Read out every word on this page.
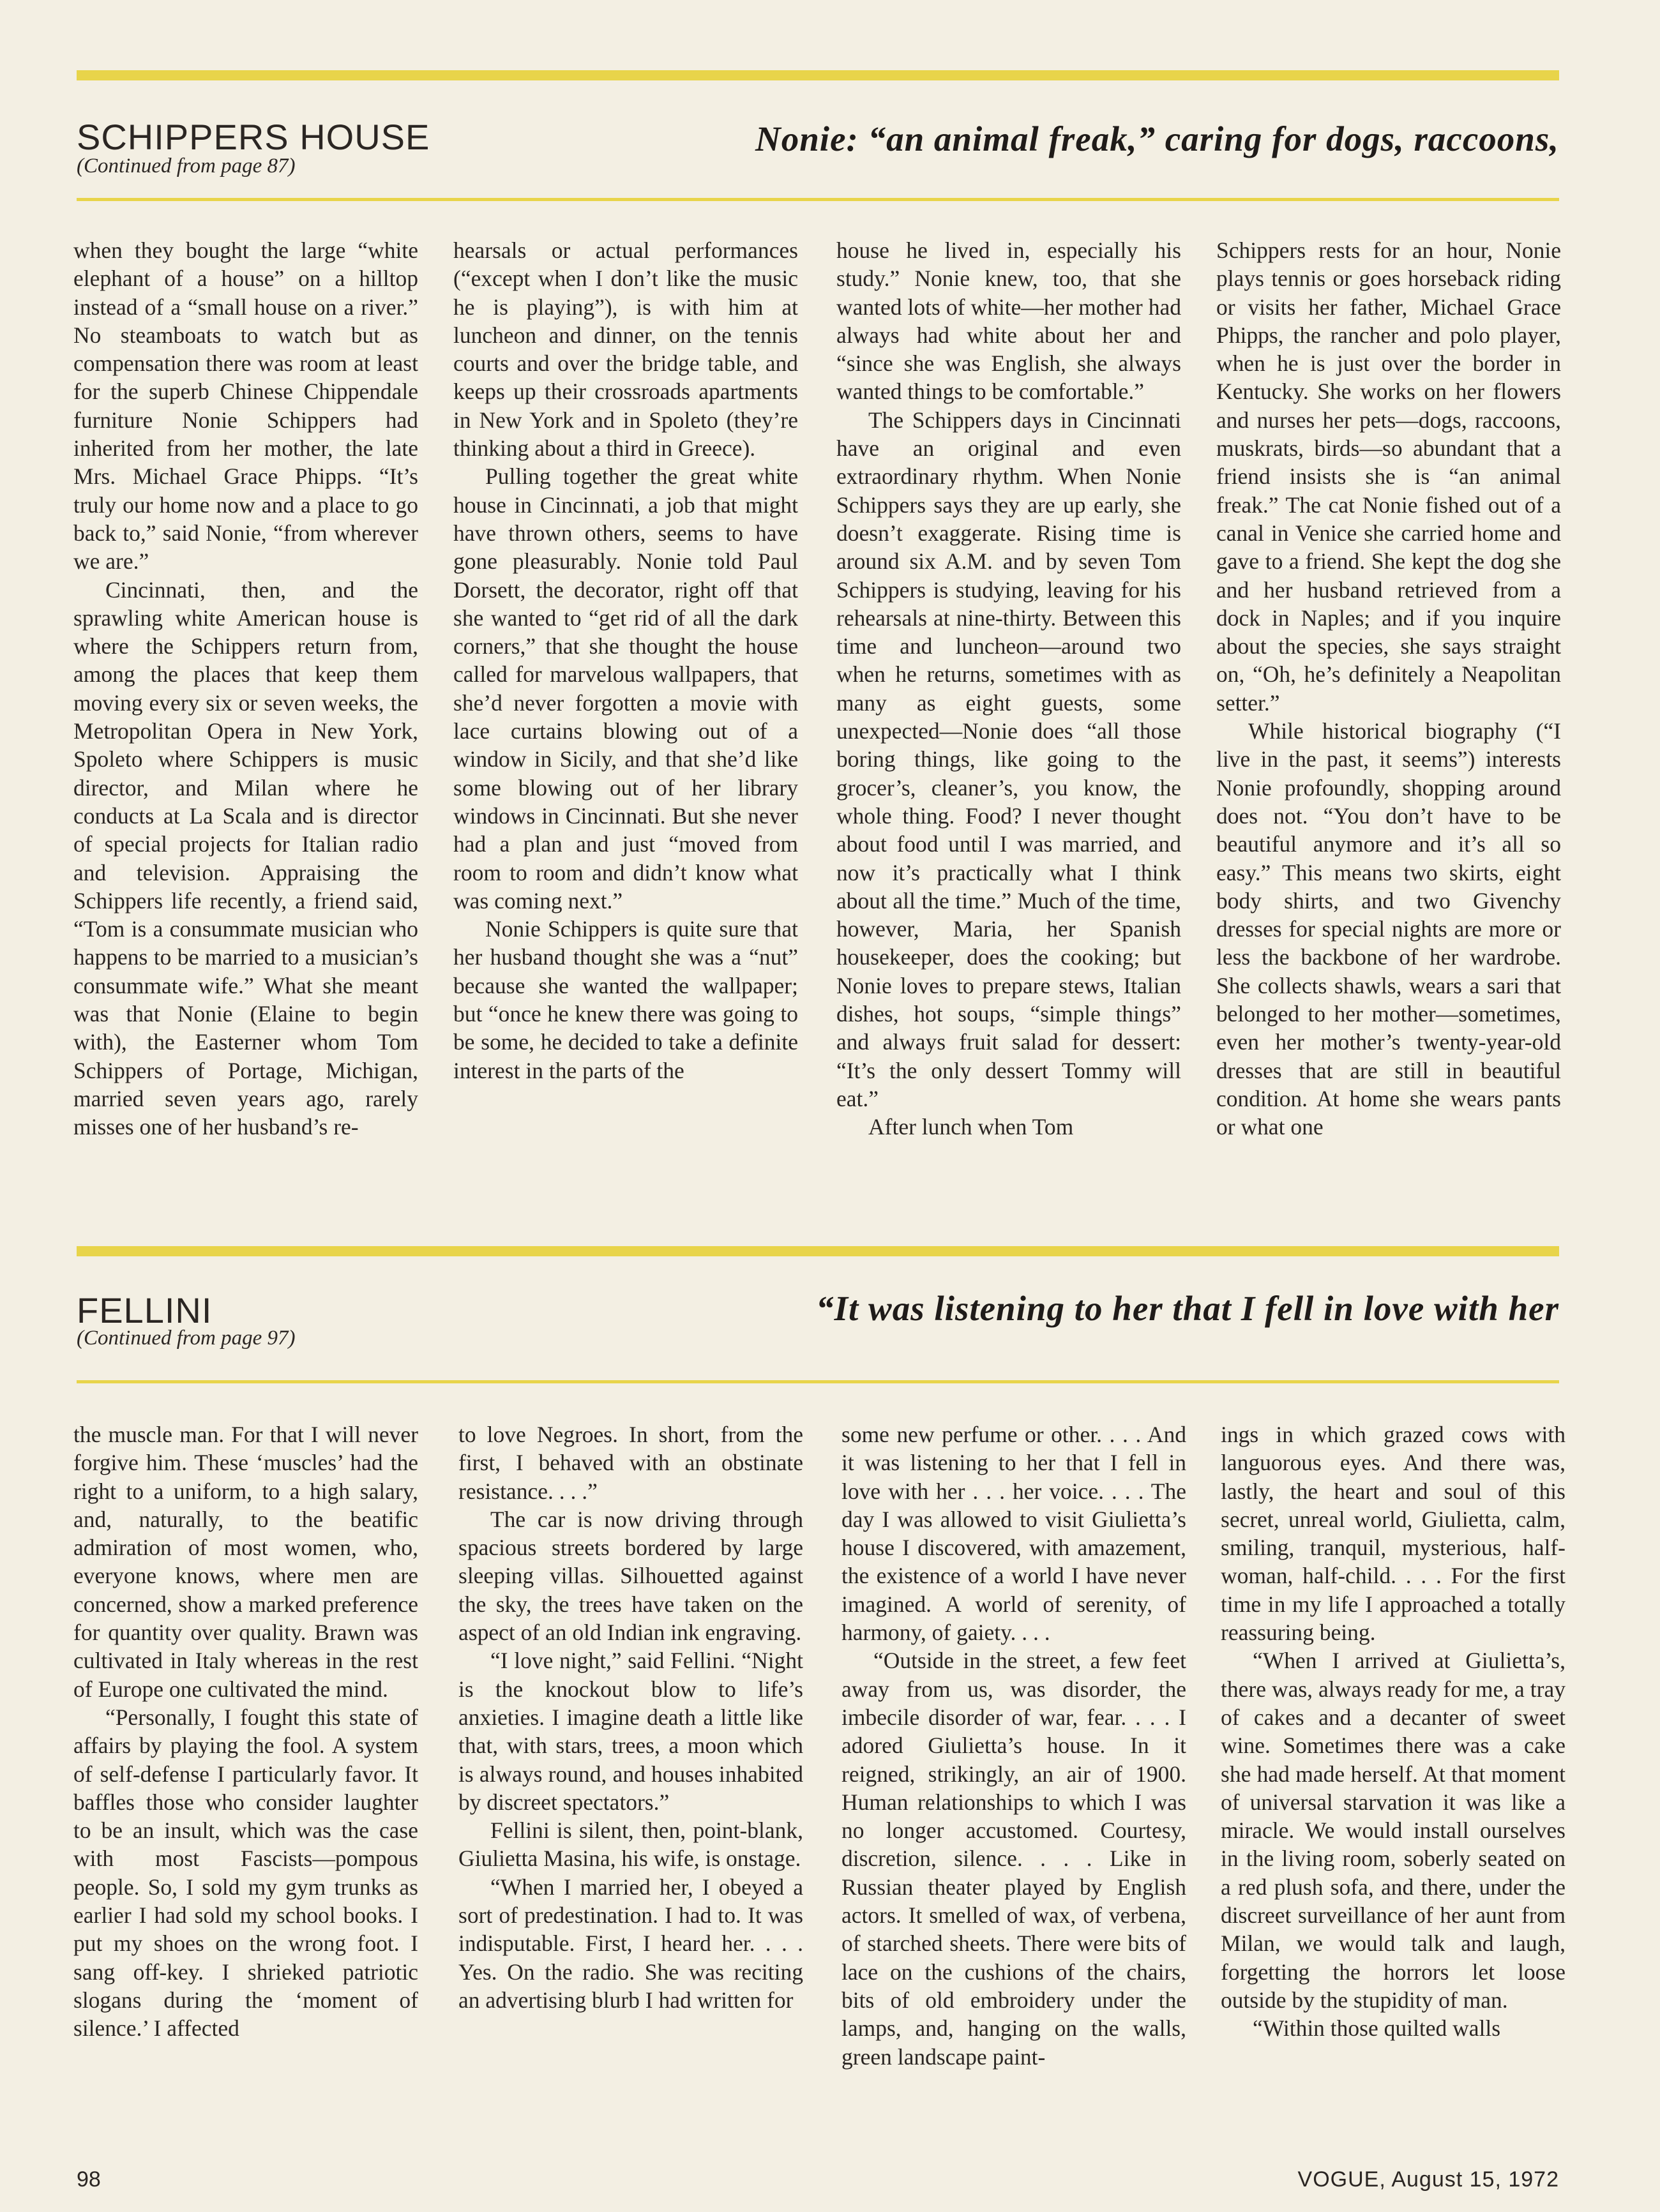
SCHIPPERS HOUSE

(Continued from page 87)

Nonie: “an animal freak,” caring for dogs, raccoons,

when they bought the large “white elephant of a house” on a hilltop instead of a “small house on a river.” No steamboats to watch but as compensation there was room at least for the superb Chinese Chippendale furniture Nonie Schippers had inherited from her mother, the late Mrs. Michael Grace Phipps. “It’s truly our home now and a place to go back to,” said Nonie, “from wherever we are.”

Cincinnati, then, and the sprawling white American house is where the Schippers return from, among the places that keep them moving every six or seven weeks, the Metropolitan Opera in New York, Spoleto where Schippers is music director, and Milan where he conducts at La Scala and is director of special projects for Italian radio and television. Appraising the Schippers life recently, a friend said, “Tom is a consummate musician who happens to be married to a musician’s consummate wife.” What she meant was that Nonie (Elaine to begin with), the Easterner whom Tom Schippers of Portage, Michigan, married seven years ago, rarely misses one of her husband’s re-

hearsals or actual performances (“except when I don’t like the music he is playing”), is with him at luncheon and dinner, on the tennis courts and over the bridge table, and keeps up their crossroads apartments in New York and in Spoleto (they’re thinking about a third in Greece).

Pulling together the great white house in Cincinnati, a job that might have thrown others, seems to have gone pleasurably. Nonie told Paul Dorsett, the decorator, right off that she wanted to “get rid of all the dark corners,” that she thought the house called for marvelous wallpapers, that she’d never forgotten a movie with lace curtains blowing out of a window in Sicily, and that she’d like some blowing out of her library windows in Cincinnati. But she never had a plan and just “moved from room to room and didn’t know what was coming next.”

Nonie Schippers is quite sure that her husband thought she was a “nut” because she wanted the wallpaper; but “once he knew there was going to be some, he decided to take a definite interest in the parts of the

house he lived in, especially his study.” Nonie knew, too, that she wanted lots of white—her mother had always had white about her and “since she was English, she always wanted things to be comfortable.”

The Schippers days in Cincinnati have an original and even extraordinary rhythm. When Nonie Schippers says they are up early, she doesn’t exaggerate. Rising time is around six A.M. and by seven Tom Schippers is studying, leaving for his rehearsals at nine-thirty. Between this time and luncheon—around two when he returns, sometimes with as many as eight guests, some unexpected—Nonie does “all those boring things, like going to the grocer’s, cleaner’s, you know, the whole thing. Food? I never thought about food until I was married, and now it’s practically what I think about all the time.” Much of the time, however, Maria, her Spanish housekeeper, does the cooking; but Nonie loves to prepare stews, Italian dishes, hot soups, “simple things” and always fruit salad for dessert: “It’s the only dessert Tommy will eat.”

After lunch when Tom

Schippers rests for an hour, Nonie plays tennis or goes horseback riding or visits her father, Michael Grace Phipps, the rancher and polo player, when he is just over the border in Kentucky. She works on her flowers and nurses her pets—dogs, raccoons, muskrats, birds—so abundant that a friend insists she is “an animal freak.” The cat Nonie fished out of a canal in Venice she carried home and gave to a friend. She kept the dog she and her husband retrieved from a dock in Naples; and if you inquire about the species, she says straight on, “Oh, he’s definitely a Neapolitan setter.”

While historical biography (“I live in the past, it seems”) interests Nonie profoundly, shopping around does not. “You don’t have to be beautiful anymore and it’s all so easy.” This means two skirts, eight body shirts, and two Givenchy dresses for special nights are more or less the backbone of her wardrobe. She collects shawls, wears a sari that belonged to her mother—sometimes, even her mother’s twenty-year-old dresses that are still in beautiful condition. At home she wears pants or what one

FELLINI

(Continued from page 97)

“It was listening to her that I fell in love with her

the muscle man. For that I will never forgive him. These ‘muscles’ had the right to a uniform, to a high salary, and, naturally, to the beatific admiration of most women, who, everyone knows, where men are concerned, show a marked preference for quantity over quality. Brawn was cultivated in Italy whereas in the rest of Europe one cultivated the mind.

“Personally, I fought this state of affairs by playing the fool. A system of self-defense I particularly favor. It baffles those who consider laughter to be an insult, which was the case with most Fascists—pompous people. So, I sold my gym trunks as earlier I had sold my school books. I put my shoes on the wrong foot. I sang off-key. I shrieked patriotic slogans during the ‘moment of silence.’ I affected

to love Negroes. In short, from the first, I behaved with an obstinate resistance. . . .”

The car is now driving through spacious streets bordered by large sleeping villas. Silhouetted against the sky, the trees have taken on the aspect of an old Indian ink engraving.

“I love night,” said Fellini. “Night is the knockout blow to life’s anxieties. I imagine death a little like that, with stars, trees, a moon which is always round, and houses inhabited by discreet spectators.”

Fellini is silent, then, point-blank, Giulietta Masina, his wife, is onstage.

“When I married her, I obeyed a sort of predestination. I had to. It was indisputable. First, I heard her. . . . Yes. On the radio. She was reciting an advertising blurb I had written for

some new perfume or other. . . . And it was listening to her that I fell in love with her . . . her voice. . . . The day I was allowed to visit Giulietta’s house I discovered, with amazement, the existence of a world I have never imagined. A world of serenity, of harmony, of gaiety. . . .

“Outside in the street, a few feet away from us, was disorder, the imbecile disorder of war, fear. . . . I adored Giulietta’s house. In it reigned, strikingly, an air of 1900. Human relationships to which I was no longer accustomed. Courtesy, discretion, silence. . . . Like in Russian theater played by English actors. It smelled of wax, of verbena, of starched sheets. There were bits of lace on the cushions of the chairs, bits of old embroidery under the lamps, and, hanging on the walls, green landscape paint-

ings in which grazed cows with languorous eyes. And there was, lastly, the heart and soul of this secret, unreal world, Giulietta, calm, smiling, tranquil, mysterious, half-woman, half-child. . . . For the first time in my life I approached a totally reassuring being.

“When I arrived at Giulietta’s, there was, always ready for me, a tray of cakes and a decanter of sweet wine. Sometimes there was a cake she had made herself. At that moment of universal starvation it was like a miracle. We would install ourselves in the living room, soberly seated on a red plush sofa, and there, under the discreet surveillance of her aunt from Milan, we would talk and laugh, forgetting the horrors let loose outside by the stupidity of man.

“Within those quilted walls

98	VOGUE, August 15, 1972
